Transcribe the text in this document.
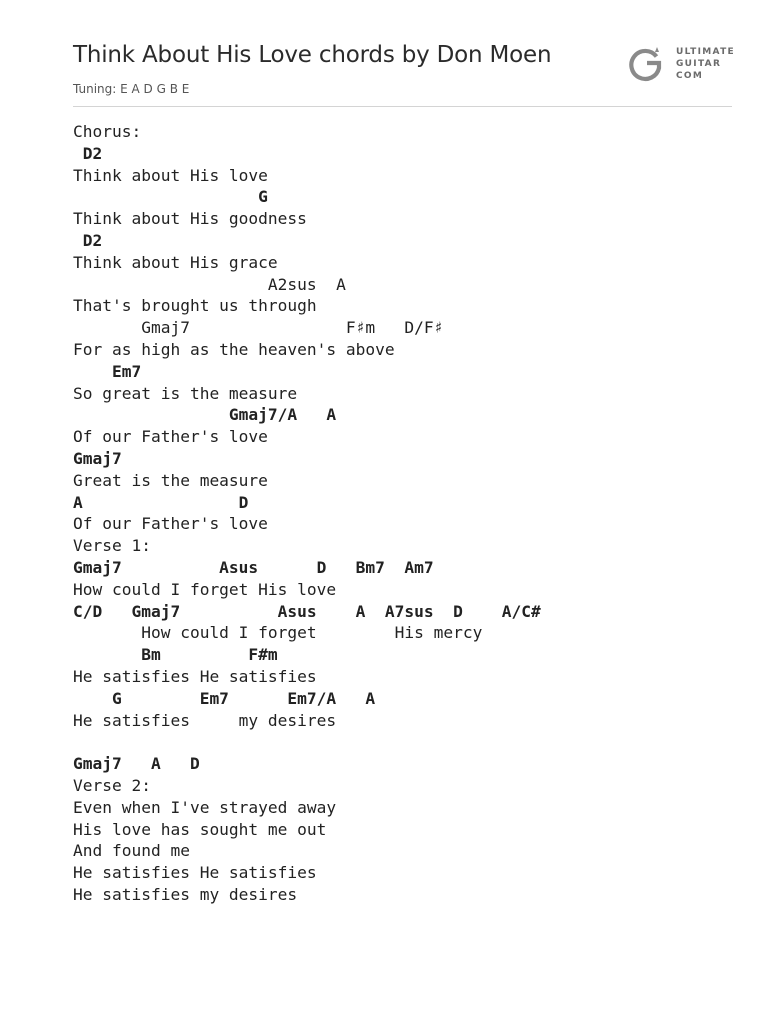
Think About His Love chords by Don Moen
Tuning: E A D G B E
ULTIMATE
GUITAR
COM
Chorus:
D2
Think about His love
G
Think about His goodness
D2
Think about His grace
A2sus  A
That's brought us through
Gmaj7                F♯m   D/F♯
For as high as the heaven's above
Em7
So great is the measure
Gmaj7/A   A
Of our Father's love
Gmaj7
Great is the measure
A                D
Of our Father's love
Verse 1:
Gmaj7          Asus      D   Bm7  Am7
How could I forget His love
C/D   Gmaj7          Asus    A  A7sus  D    A/C#
How could I forget        His mercy
Bm         F#m
He satisfies He satisfies
G        Em7      Em7/A   A
He satisfies     my desires
Gmaj7   A   D
Verse 2:
Even when I've strayed away
His love has sought me out
And found me
He satisfies He satisfies
He satisfies my desires
